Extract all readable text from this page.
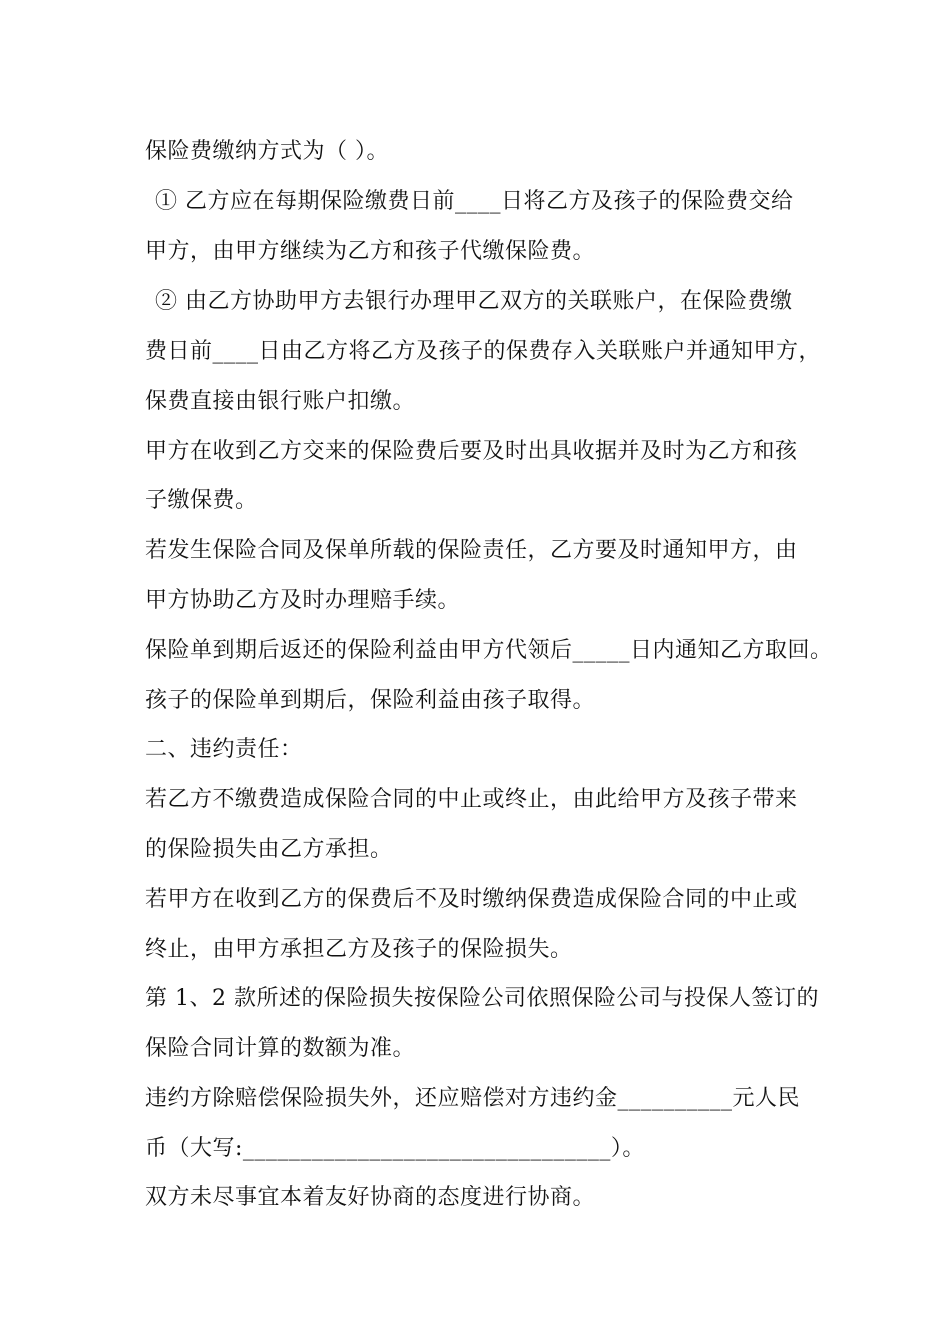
保险费缴纳方式为（ ）。
① 乙方应在每期保险缴费日前____日将乙方及孩子的保险费交给
甲方，由甲方继续为乙方和孩子代缴保险费。
② 由乙方协助甲方去银行办理甲乙双方的关联账户，在保险费缴
费日前____日由乙方将乙方及孩子的保费存入关联账户并通知甲方，
保费直接由银行账户扣缴。
甲方在收到乙方交来的保险费后要及时出具收据并及时为乙方和孩
子缴保费。
若发生保险合同及保单所载的保险责任，乙方要及时通知甲方，由
甲方协助乙方及时办理赔手续。
保险单到期后返还的保险利益由甲方代领后_____日内通知乙方取回。
孩子的保险单到期后，保险利益由孩子取得。
二、违约责任：
若乙方不缴费造成保险合同的中止或终止，由此给甲方及孩子带来
的保险损失由乙方承担。
若甲方在收到乙方的保费后不及时缴纳保费造成保险合同的中止或
终止，由甲方承担乙方及孩子的保险损失。
第 1、2 款所述的保险损失按保险公司依照保险公司与投保人签订的
保险合同计算的数额为准。
违约方除赔偿保险损失外，还应赔偿对方违约金__________元人民
币（大写:________________________________）。
双方未尽事宜本着友好协商的态度进行协商。
